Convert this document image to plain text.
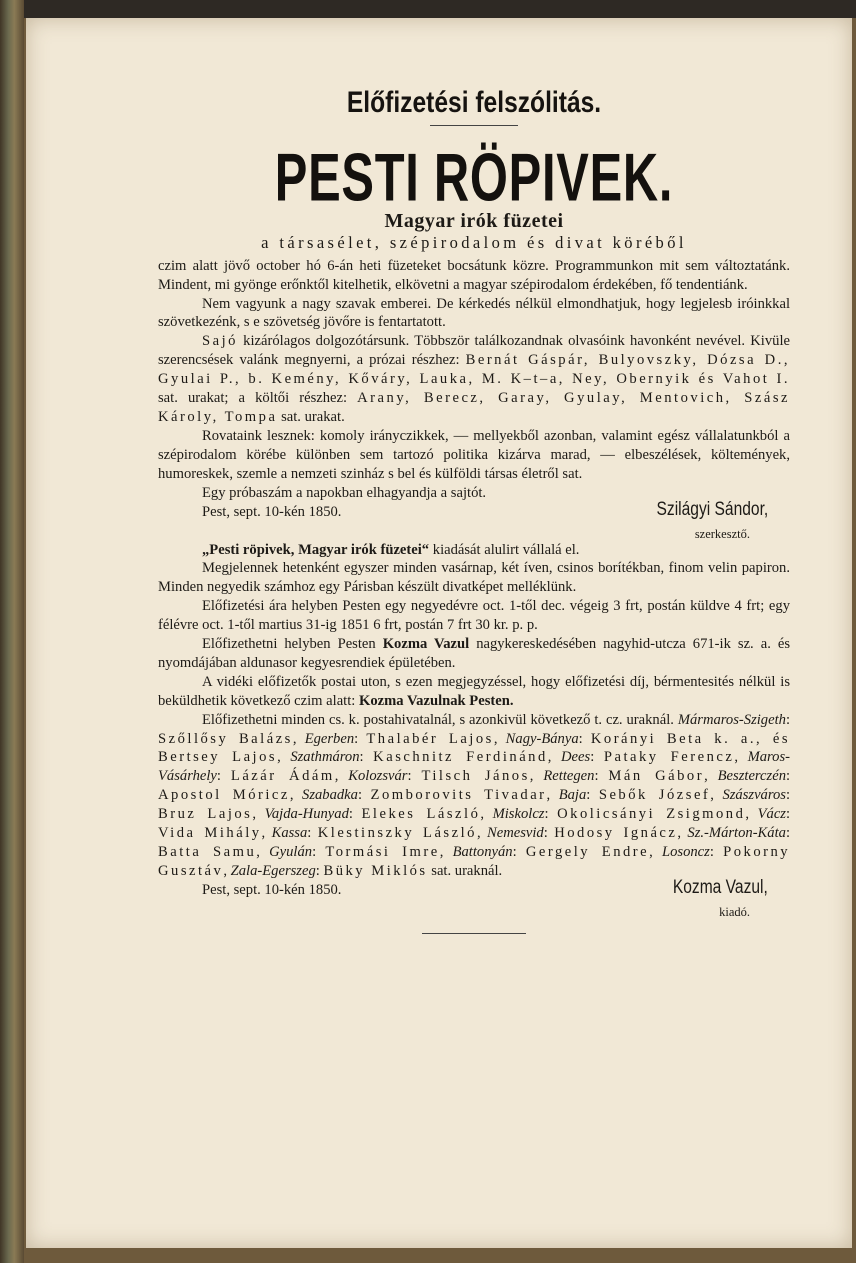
Előfizetési felszólitás.
PESTI RÖPIVEK.
Magyar irók füzetei
a társasélet, szépirodalom és divat köréből

czim alatt jövő october hó 6-án heti füzeteket bocsátunk közre. Programmunkon mit sem változtatánk. Mindent, mi gyönge erőnktől kitelhetik, elkövetni a magyar szépirodalom érdekében, fő tendentiánk.

Nem vagyunk a nagy szavak emberei. De kérkedés nélkül elmondhatjuk, hogy legjelesb iróinkkal szövetkezénk, s e szövetség jövőre is fentartatott.

Sajó kizárólagos dolgozótársunk. Többször találkozandnak olvasóink havonként nevével. Kivüle szerencsések valánk megnyerni, a prózai részhez: Bernát Gáspár, Bulyovszky, Dózsa D., Gyulai P., b. Kemény, Kőváry, Lauka, M. K–t–a, Ney, Obernyik és Vahot I. sat. urakat; a költői részhez: Arany, Berecz, Garay, Gyulay, Mentovich, Szász Károly, Tompa sat. urakat.

Rovataink lesznek: komoly irányczikkek, — mellyekből azonban, valamint egész vállalatunkból a szépirodalom körébe különben sem tartozó politika kizárva marad, — elbeszélések, költemények, humoreskek, szemle a nemzeti szinház s bel és külföldi társas életről sat.

Egy próbaszám a napokban elhagyandja a sajtót.

Pest, sept. 10-kén 1850.	Szilágyi Sándor,
szerkesztő.

„Pesti röpivek, Magyar irók füzetei“ kiadását alulirt vállalá el.

Megjelennek hetenként egyszer minden vasárnap, két íven, csinos borítékban, finom velin papiron. Minden negyedik számhoz egy Párisban készült divatképet melléklünk.

Előfizetési ára helyben Pesten egy negyedévre oct. 1-től dec. végeig 3 frt, postán küldve 4 frt; egy félévre oct. 1-től martius 31-ig 1851 6 frt, postán 7 frt 30 kr. p. p.

Előfizethetni helyben Pesten Kozma Vazul nagykereskedésében nagyhid-utcza 671-ik sz. a. és nyomdájában aldunasor kegyesrendiek épületében.

A vidéki előfizetők postai uton, s ezen megjegyzéssel, hogy előfizetési díj, bérmentesités nélkül is beküldhetik következő czim alatt: Kozma Vazulnak Pesten.

Előfizethetni minden cs. k. postahivatalnál, s azonkivül következő t. cz. uraknál. Mármaros-Szigeth: Szőllősy Balázs, Egerben: Thalabér Lajos, Nagy-Bánya: Korányi Beta k. a., és Bertsey Lajos, Szathmáron: Kaschnitz Ferdinánd, Dees: Pataky Ferencz, Maros-Vásárhely: Lázár Ádám, Kolozsvár: Tilsch János, Rettegen: Mán Gábor, Beszterczén: Apostol Móricz, Szabadka: Zomborovits Tivadar, Baja: Sebők József, Szászváros: Bruz Lajos, Vajda-Hunyad: Elekes László, Miskolcz: Okolicsányi Zsigmond, Vácz: Vida Mihály, Kassa: Klestinszky László, Nemesvid: Hodosy Ignácz, Sz.-Márton-Káta: Batta Samu, Gyulán: Tormási Imre, Battonyán: Gergely Endre, Losoncz: Pokorny Gusztáv, Zala-Egerszeg: Büky Miklós sat. uraknál.

Pest, sept. 10-kén 1850.	Kozma Vazul,
kiadó.
